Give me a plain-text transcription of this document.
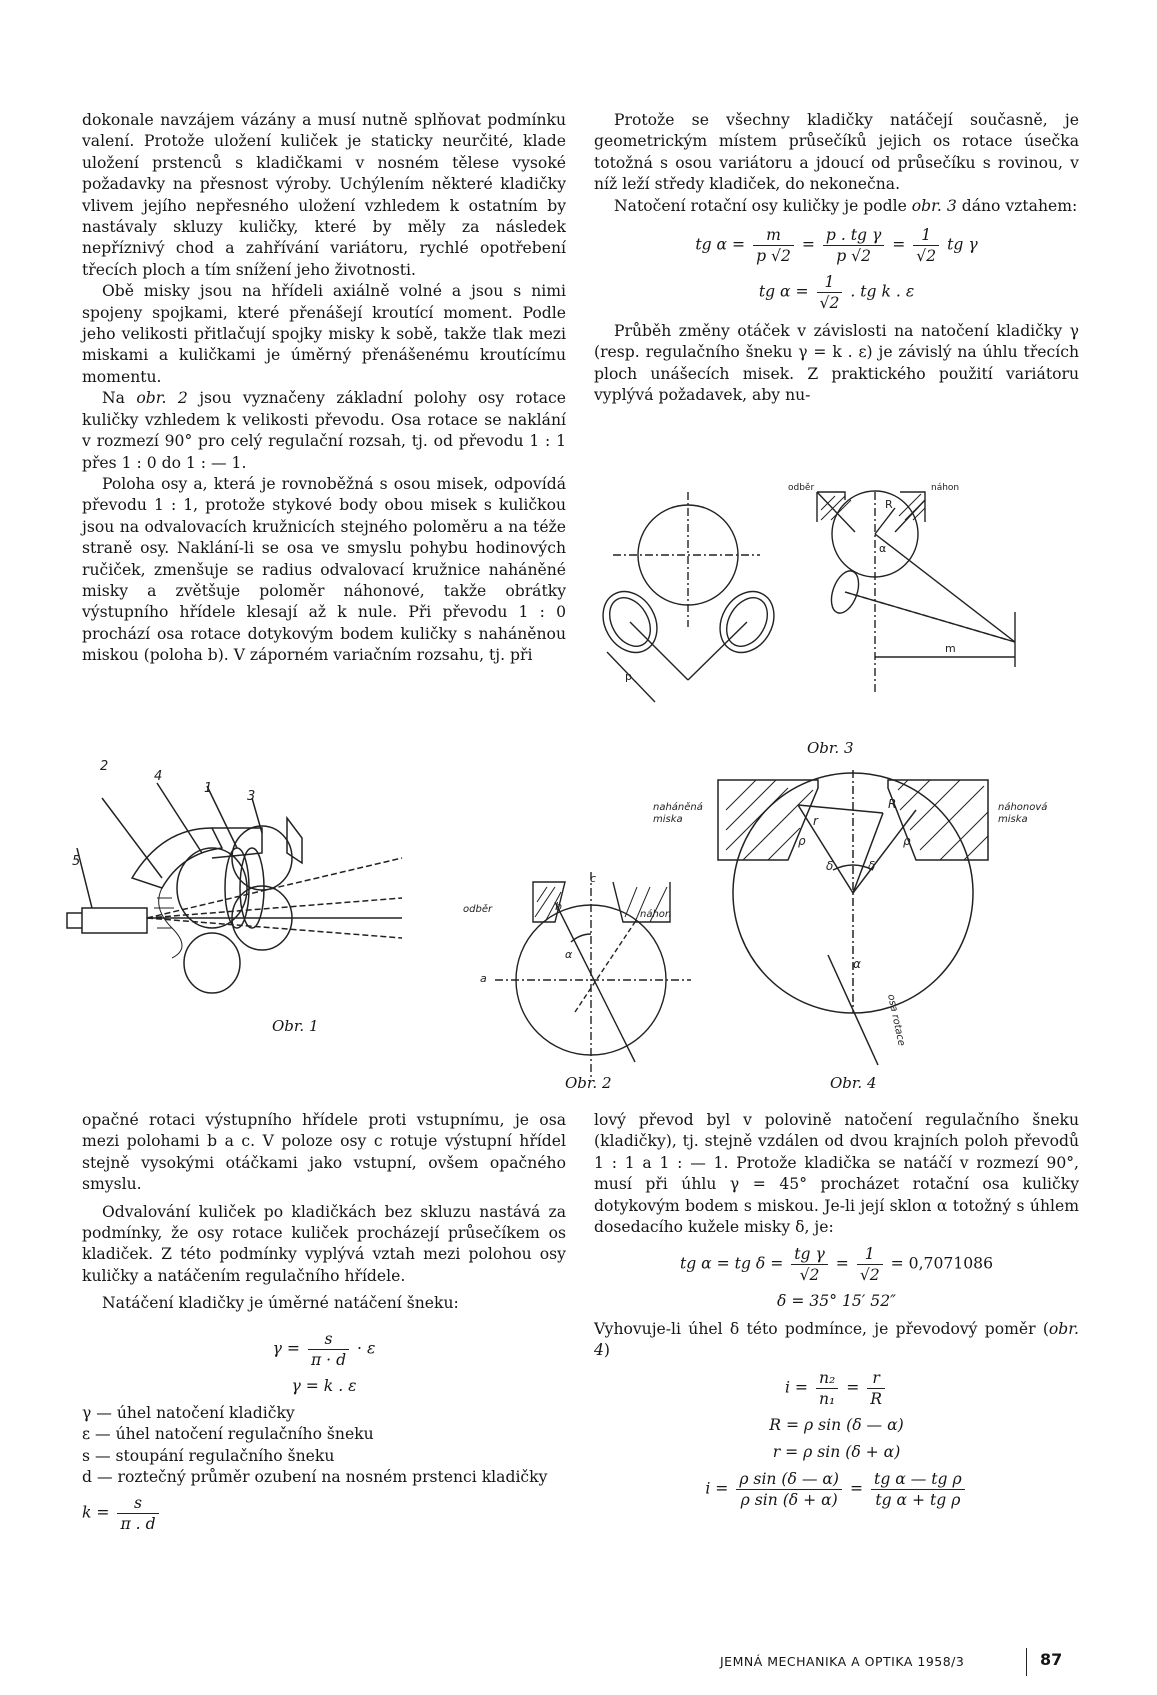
dokonale navzájem vázány a musí nutně splňovat podmínku valení. Protože uložení kuliček je staticky neurčité, klade uložení prstenců s kladičkami v nosném tělese vysoké požadavky na přesnost výroby. Uchýlením některé kladičky vlivem jejího nepřesného uložení vzhledem k ostatním by nastávaly skluzy kuličky, které by měly za následek nepříznivý chod a zahřívání variátoru, rychlé opotřebení třecích ploch a tím snížení jeho životnosti.

Obě misky jsou na hřídeli axiálně volné a jsou s nimi spojeny spojkami, které přenášejí kroutící moment. Podle jeho velikosti přitlačují spojky misky k sobě, takže tlak mezi miskami a kuličkami je úměrný přenášenému kroutícímu momentu.

Na obr. 2 jsou vyznačeny základní polohy osy rotace kuličky vzhledem k velikosti převodu. Osa rotace se naklání v rozmezí 90° pro celý regulační rozsah, tj. od převodu 1 : 1 přes 1 : 0 do 1 : — 1.

Poloha osy a, která je rovnoběžná s osou misek, odpovídá převodu 1 : 1, protože stykové body obou misek s kuličkou jsou na odvalovacích kružnicích stejného poloměru a na téže straně osy. Naklání-li se osa ve smyslu pohybu hodinových ručiček, zmenšuje se radius odvalovací kružnice naháněné misky a zvětšuje poloměr náhonové, takže obrátky výstupního hřídele klesají až k nule. Při převodu 1 : 0 prochází osa rotace dotykovým bodem kuličky s naháněnou miskou (poloha b). V záporném variačním rozsahu, tj. při

Protože se všechny kladičky natáčejí současně, je geometrickým místem průsečíků jejich os rotace úsečka totožná s osou variátoru a jdoucí od průsečíku s rovinou, v níž leží středy kladiček, do nekonečna.

Natočení rotační osy kuličky je podle obr. 3 dáno vztahem:

tg $\alpha = \frac{m}{p √2} = \frac{\text{p . tg γ}}{p √2} = \frac{1}{√2}$ tg γ
tg $\alpha = \frac{1}{√2}$ . tg k . ε

Průběh změny otáček v závislosti na natočení kladičky γ (resp. regulačního šneku γ = k . ε) je závislý na úhlu třecích ploch unášecích misek. Z praktického použití variátoru vyplývá požadavek, aby nu-

odběr	náhon
R
α
p
m
Obr. 3
2
4
1
3
5
Obr. 1
odběr	náhon
c
b
a
α
Obr. 2
naháněná
miska
náhonová
miska
r
R
ρ	ρ
δ	δ
α
osa rotace
Obr. 4

opačné rotaci výstupního hřídele proti vstupnímu, je osa mezi polohami b a c. V poloze osy c rotuje výstupní hřídel stejně vysokými otáčkami jako vstupní, ovšem opačného smyslu.

Odvalování kuliček po kladičkách bez skluzu nastává za podmínky, že osy rotace kuliček procházejí průsečíkem os kladiček. Z této podmínky vyplývá vztah mezi polohou osy kuličky a natáčením regulačního hřídele.

Natáčení kladičky je úměrné natáčení šneku:

$\gamma = \frac{s}{\pi \cdot d} \cdot \varepsilon$
γ = k . ε

γ — úhel natočení kladičky

ε — úhel natočení regulačního šneku

s — stoupání regulačního šneku

d — roztečný průměr ozubení na nosném prstenci kladičky

$k = \frac{s}{\pi . d}$

lový převod byl v polovině natočení regulačního šneku (kladičky), tj. stejně vzdálen od dvou krajních poloh převodů 1 : 1 a 1 : — 1. Protože kladička se natáčí v rozmezí 90°, musí při úhlu γ = 45° procházet rotační osa kuličky dotykovým bodem s miskou. Je-li její sklon α totožný s úhlem dosedacího kužele misky δ, je:

tg α = tg $\delta = \frac{\text{tg γ}}{√2} = \frac{1}{√2} = 0,7071086$
δ = 35° 15′ 52″

Vyhovuje-li úhel δ této podmínce, je převodový poměr (obr. 4)

$i = \frac{\text{n₂}}{\text{n₁}} = \frac{r}{R}$
R = ρ sin (δ — α)
r = ρ sin (δ + α)
$i = \frac{\text{ρ sin (δ — α)}}{\text{ρ sin (δ + α)}} = \frac{\text{tg α — tg ρ}}{\text{tg α + tg ρ}}$
JEMNÁ MECHANIKA A OPTIKA 1958/3	87
